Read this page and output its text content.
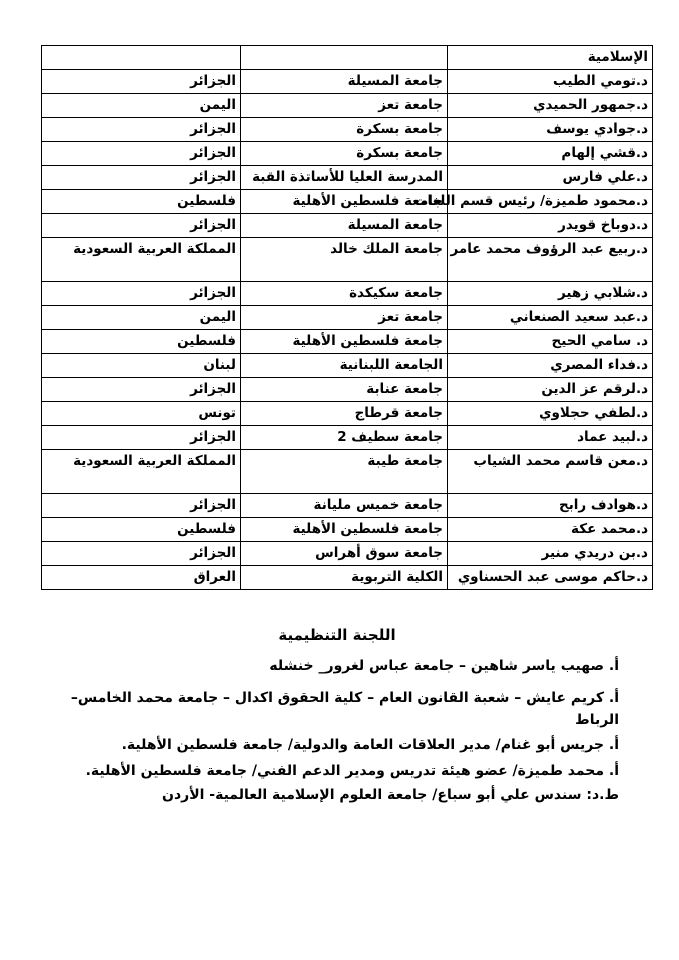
الإسلامية		
د.تومي الطيب	جامعة المسيلة	الجزائر
د.جمهور الحميدي	جامعة تعز	اليمن
د.جوادي يوسف	جامعة بسكرة	الجزائر
د.قشي إلهام	جامعة بسكرة	الجزائر
د.علي فارس	المدرسة العليا للأساتذة القبة	الجزائر
د.محمود طميزة/ رئيس قسم اللغات	جامعة فلسطين الأهلية	فلسطين
د.دوباخ قويدر	جامعة المسيلة	الجزائر
د.ربيع عبد الرؤوف محمد عامر	جامعة الملك خالد	المملكة العربية السعودية
د.شلابي زهير	جامعة سكيكدة	الجزائر
د.عبد سعيد الصنعاني	جامعة تعز	اليمن
د. سامي الحيح	جامعة فلسطين الأهلية	فلسطين
د.فداء المصري	الجامعة اللبنانية	لبنان
د.لرقم عز الدين	جامعة عنابة	الجزائر
د.لطفي حجلاوي	جامعة قرطاج	تونس
د.لبيد عماد	جامعة سطيف 2	الجزائر
د.معن قاسم محمد الشياب	جامعة طيبة	المملكة العربية السعودية
د.هوادف رابح	جامعة خميس مليانة	الجزائر
د.محمد عكة	جامعة فلسطين الأهلية	فلسطين
د.بن دريدي منير	جامعة سوق أهراس	الجزائر
د.حاكم موسى عبد الحسناوي	الكلية التربوية	العراق
اللجنة التنظيمية
أ. صهيب ياسر شاهين – جامعة عباس لغرور_ خنشله
أ. كريم عايش – شعبة القانون العام – كلية الحقوق اكدال – جامعة محمد الخامس– الرباط
أ. جريس أبو غنام/ مدير العلاقات العامة والدولية/ جامعة فلسطين الأهلية.
أ. محمد طميزة/ عضو هيئة تدريس ومدير الدعم الفني/ جامعة فلسطين الأهلية.
ط.د: سندس علي أبو سباع/ جامعة العلوم الإسلامية العالمية- الأردن
